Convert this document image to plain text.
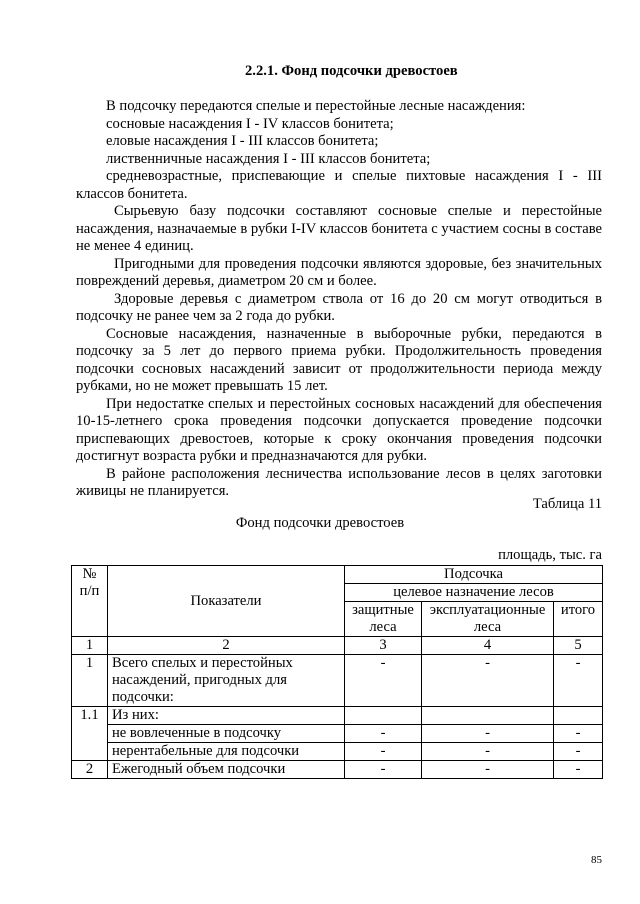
2.2.1. Фонд подсочки древостоев

В подсочку передаются спелые и перестойные лесные насаждения:

сосновые насаждения I - IV классов бонитета;

еловые насаждения I - III классов бонитета;

лиственничные насаждения I - III классов бонитета;

средневозрастные, приспевающие и спелые пихтовые насаждения I - III классов бонитета.

Сырьевую базу подсочки составляют сосновые спелые и перестойные насаждения, назначаемые в рубки I-IV классов бонитета с участием сосны в составе не менее 4 единиц.

Пригодными для проведения подсочки являются здоровые, без значительных повреждений деревья, диаметром 20 см и более.

Здоровые деревья с диаметром ствола от 16 до 20 см могут отводиться в подсочку не ранее чем за 2 года до рубки.

Сосновые насаждения, назначенные в выборочные рубки, передаются в подсочку за 5 лет до первого приема рубки. Продолжительность проведения подсочки сосновых насаждений зависит от продолжительности периода между рубками, но не может превышать 15 лет.

При недостатке спелых и перестойных сосновых насаждений для обеспечения 10-15-летнего срока проведения подсочки допускается проведение подсочки приспевающих древостоев, которые к сроку окончания проведения подсочки достигнут возраста рубки и предназначаются для рубки.

В районе расположения лесничества использование лесов в целях заготовки живицы не планируется.

Таблица 11
Фонд подсочки древостоев
площадь, тыс. га
№ п/п	Показатели	Подсочка		
		целевое назначение лесов		
		защитные леса	эксплуатационные леса	итого
1	2	3	4	5
1	Всего спелых и перестойных насаждений, пригодных для подсочки:	-	-	-
1.1	Из них:			
	не вовлеченные в подсочку	-	-	-
	нерентабельные для подсочки	-	-	-
2	Ежегодный объем подсочки	-	-	-
85
